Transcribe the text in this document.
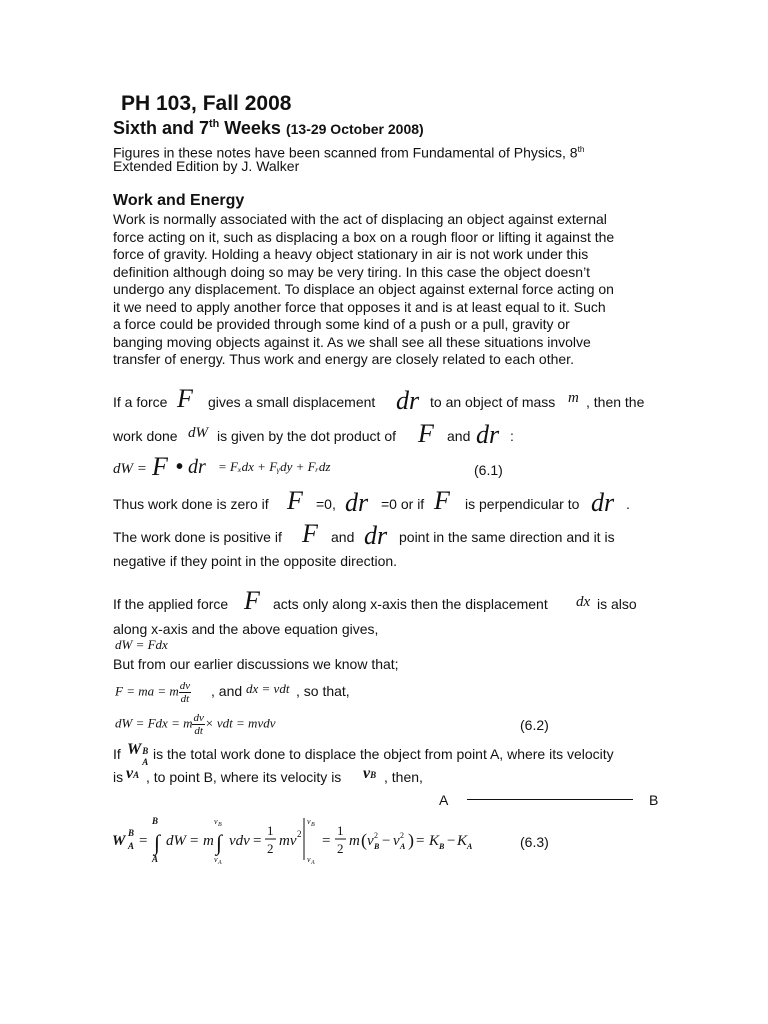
PH 103, Fall 2008
Sixth and 7th Weeks (13-29 October 2008)
Figures in these notes have been scanned from Fundamental of Physics, 8th
Extended Edition by J. Walker
Work and Energy
Work is normally associated with the act of displacing an object against external
force acting on it, such as displacing a box on a rough floor or lifting it against the
force of gravity. Holding a heavy object stationary in air is not work under this
definition although doing so may be very tiring. In this case the object doesn’t
undergo any displacement. To displace an object against external force acting on
it we need to apply another force that opposes it and is at least equal to it. Such
a force could be provided through some kind of a push or a pull, gravity or
banging moving objects against it. As we shall see all these situations involve
transfer of energy. Thus work and energy are closely related to each other.
If a force F gives a small displacement dr to an object of mass m , then the
work done dW is given by the dot product of F and dr :
dW = F • dr = Fₓdx + Fᵧdy + Fᵣdz	(6.1)
Thus work done is zero if F =0, dr =0 or if F is perpendicular to dr .
The work done is positive if F and dr point in the same direction and it is
negative if they point in the opposite direction.
If the applied force F acts only along x-axis then the displacement dx is also
along x-axis and the above equation gives,
dW = Fdx
But from our earlier discussions we know that;
F = ma = m $\frac{dv}{dt}$ , and dx = vdt , so that,
dW = Fdx = m $\frac{dv}{dt}$ × vdt = mvdv	(6.2)
If W B
A is the total work done to displace the object from point A, where its velocity
is vA , to point B, where its velocity is vB , then,
A	B
W B
A =
B
∫
A
dW = m
v B
∫
v A
vdv =
1
2 mv 2
v B
v A
=
1
2 m ( v 2
B − v 2
A ) = K B − K A	(6.3)
